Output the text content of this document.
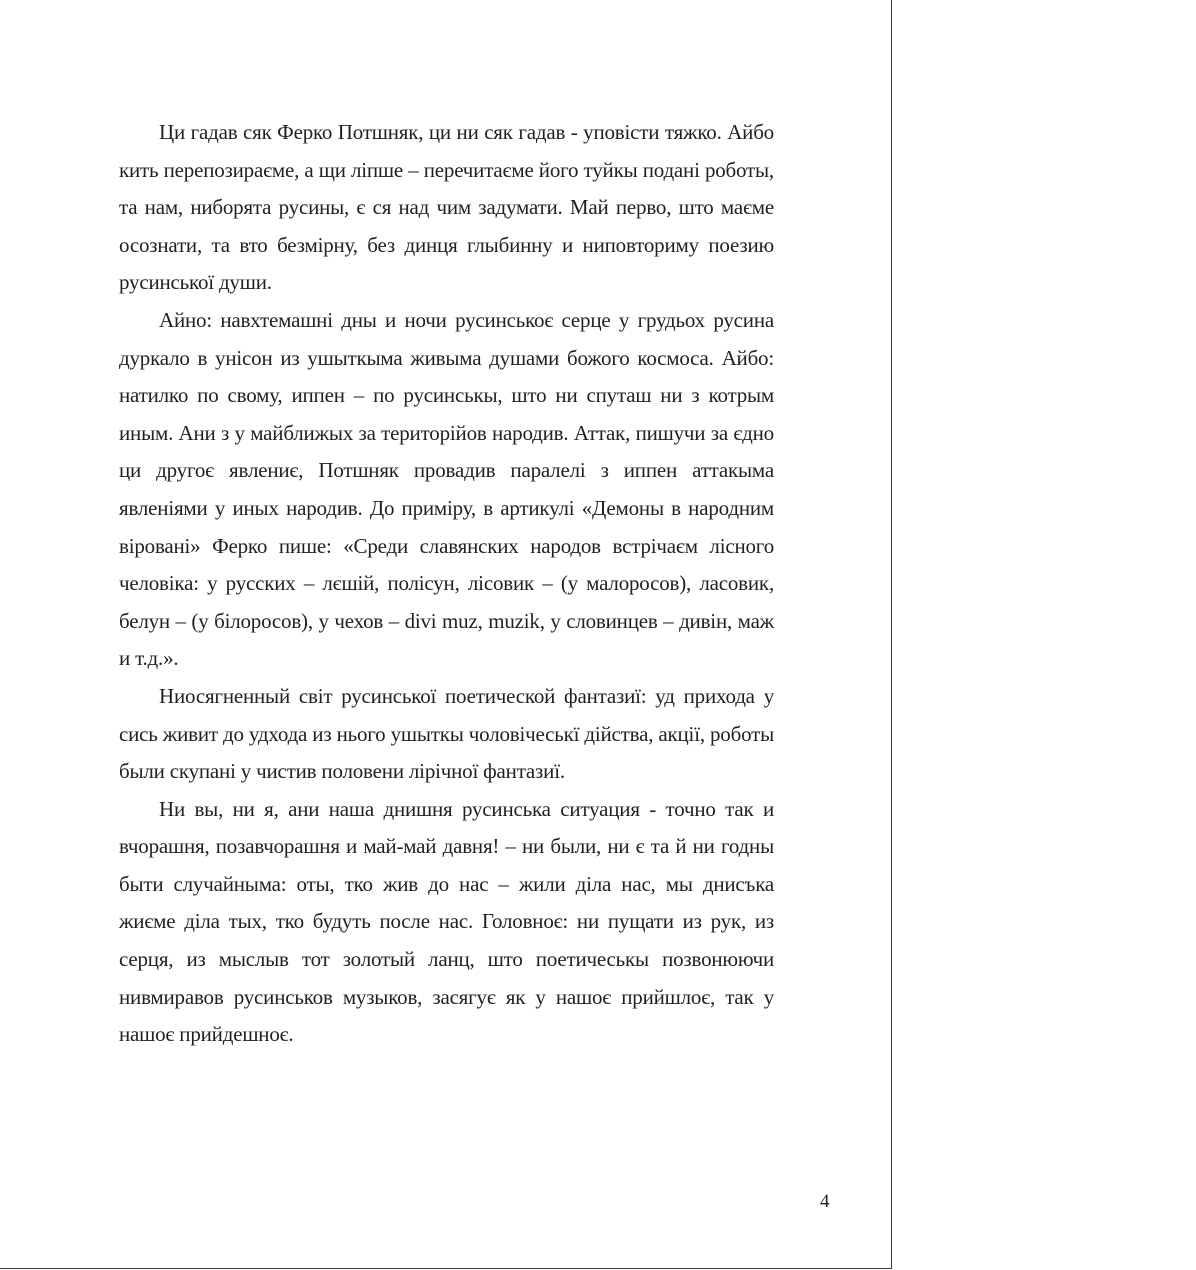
Ци гадав сяк Ферко Потшняк, ци ни сяк гадав - уповісти тяжко. Айбо кить перепозираєме, а щи ліпше – перечитаєме його туйкы подані роботы, та нам, ниборята русины, є ся над чим задумати. Май перво, што маєме осознати, та вто безмірну, без динця глыбинну и ниповториму поезию русинської души.

Айно: навхтемашні дны и ночи русинськоє серце у грудьох русина дуркало в унісон из ушыткыма живыма душами божого космоса. Айбо: натилко по свому, иппен – по русинськы, што ни спуташ ни з котрым иным. Ани з у майближых за територійов народив. Аттак, пишучи за єдно ци другоє явлениє, Потшняк провадив паралелі з иппен аттакыма явленіями у иных народив. До приміру, в артикулі «Демоны в народним віровані» Ферко пише: «Среди славянских народов встрічаєм лісного человіка: у русских – лєшій, полісун, лісовик – (у малоросов), ласовик, белун – (у білоросов), у чехов – divi muz, muzik, у словинцев – дивін, маж и т.д.».

Ниосягненный світ русинської поетической фантазиї: уд прихода у сись живит до удхода из нього ушыткы чоловічеськї дійства, акції, роботы были скупані у чистив половени лірічної фантазиї.

Ни вы, ни я, ани наша днишня русинська ситуация - точно так и вчорашня, позавчорашня и май-май давня! – ни были, ни є та й ни годны быти случайныма: оты, тко жив до нас – жили діла нас, мы днисъка жиєме діла тых, тко будуть после нас. Головноє: ни пущати из рук, из серця, из мыслыв тот золотый ланц, што поетичеськы позвонюючи нивмиравов русинськов музыков, засягує як у нашоє прийшлоє, так у нашоє прийдешноє.

4
